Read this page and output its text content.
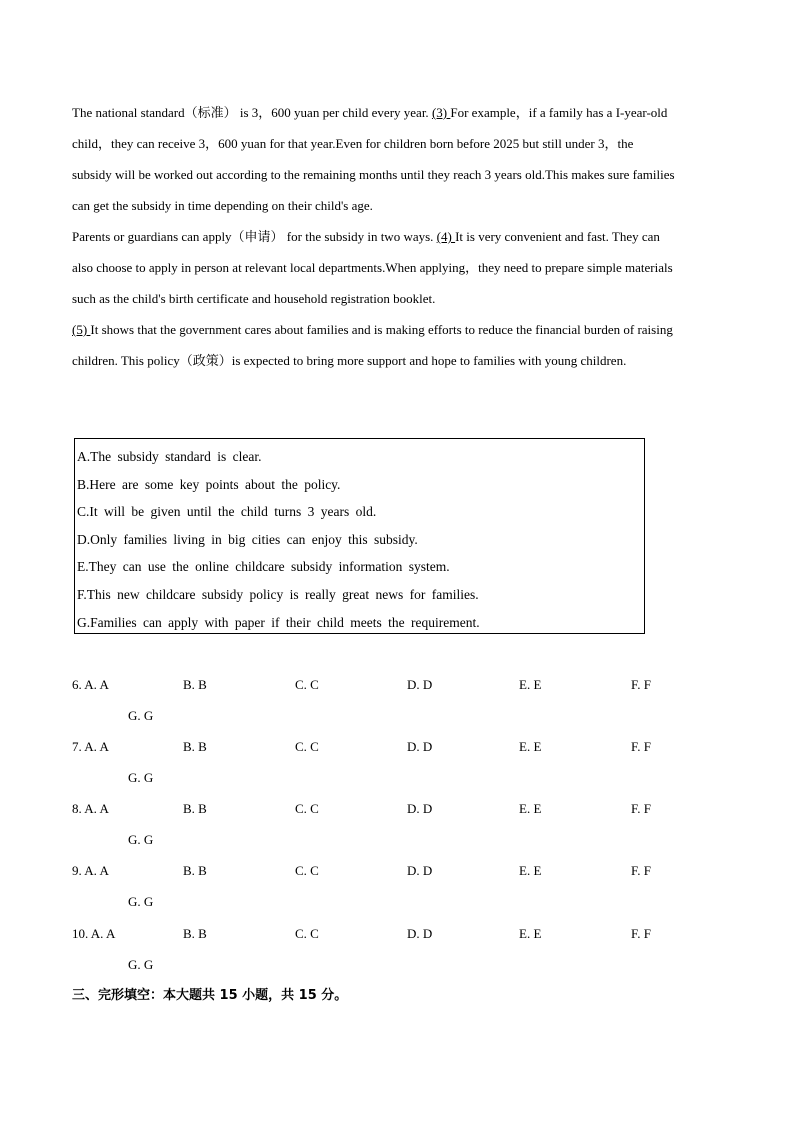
The national standard（标准） is 3，600 yuan per child every year. (3) For example，if a family has a I-year-old
child，they can receive 3，600 yuan for that year.Even for children born before 2025 but still under 3，the
subsidy will be worked out according to the remaining months until they reach 3 years old.This makes sure families
can get the subsidy in time depending on their child's age.
Parents or guardians can apply（申请） for the subsidy in two ways. (4) It is very convenient and fast. They can
also choose to apply in person at relevant local departments.When applying，they need to prepare simple materials
such as the child's birth certificate and household registration booklet.
(5) It shows that the government cares about families and is making efforts to reduce the financial burden of raising
children. This policy（政策）is expected to bring more support and hope to families with young children.
A.The subsidy standard is clear.
B.Here are some key points about the policy.
C.It will be given until the child turns 3 years old.
D.Only families living in big cities can enjoy this subsidy.
E.They can use the online childcare subsidy information system.
F.This new childcare subsidy policy is really great news for families.
G.Families can apply with paper if their child meets the requirement.
6. A. A	B. B	C. C	D. D	E. E	F. F
G. G
7. A. A	B. B	C. C	D. D	E. E	F. F
G. G
8. A. A	B. B	C. C	D. D	E. E	F. F
G. G
9. A. A	B. B	C. C	D. D	E. E	F. F
G. G
10. A. A	B. B	C. C	D. D	E. E	F. F
G. G
三、完形填空：本大题共 15 小题，共 15 分。
